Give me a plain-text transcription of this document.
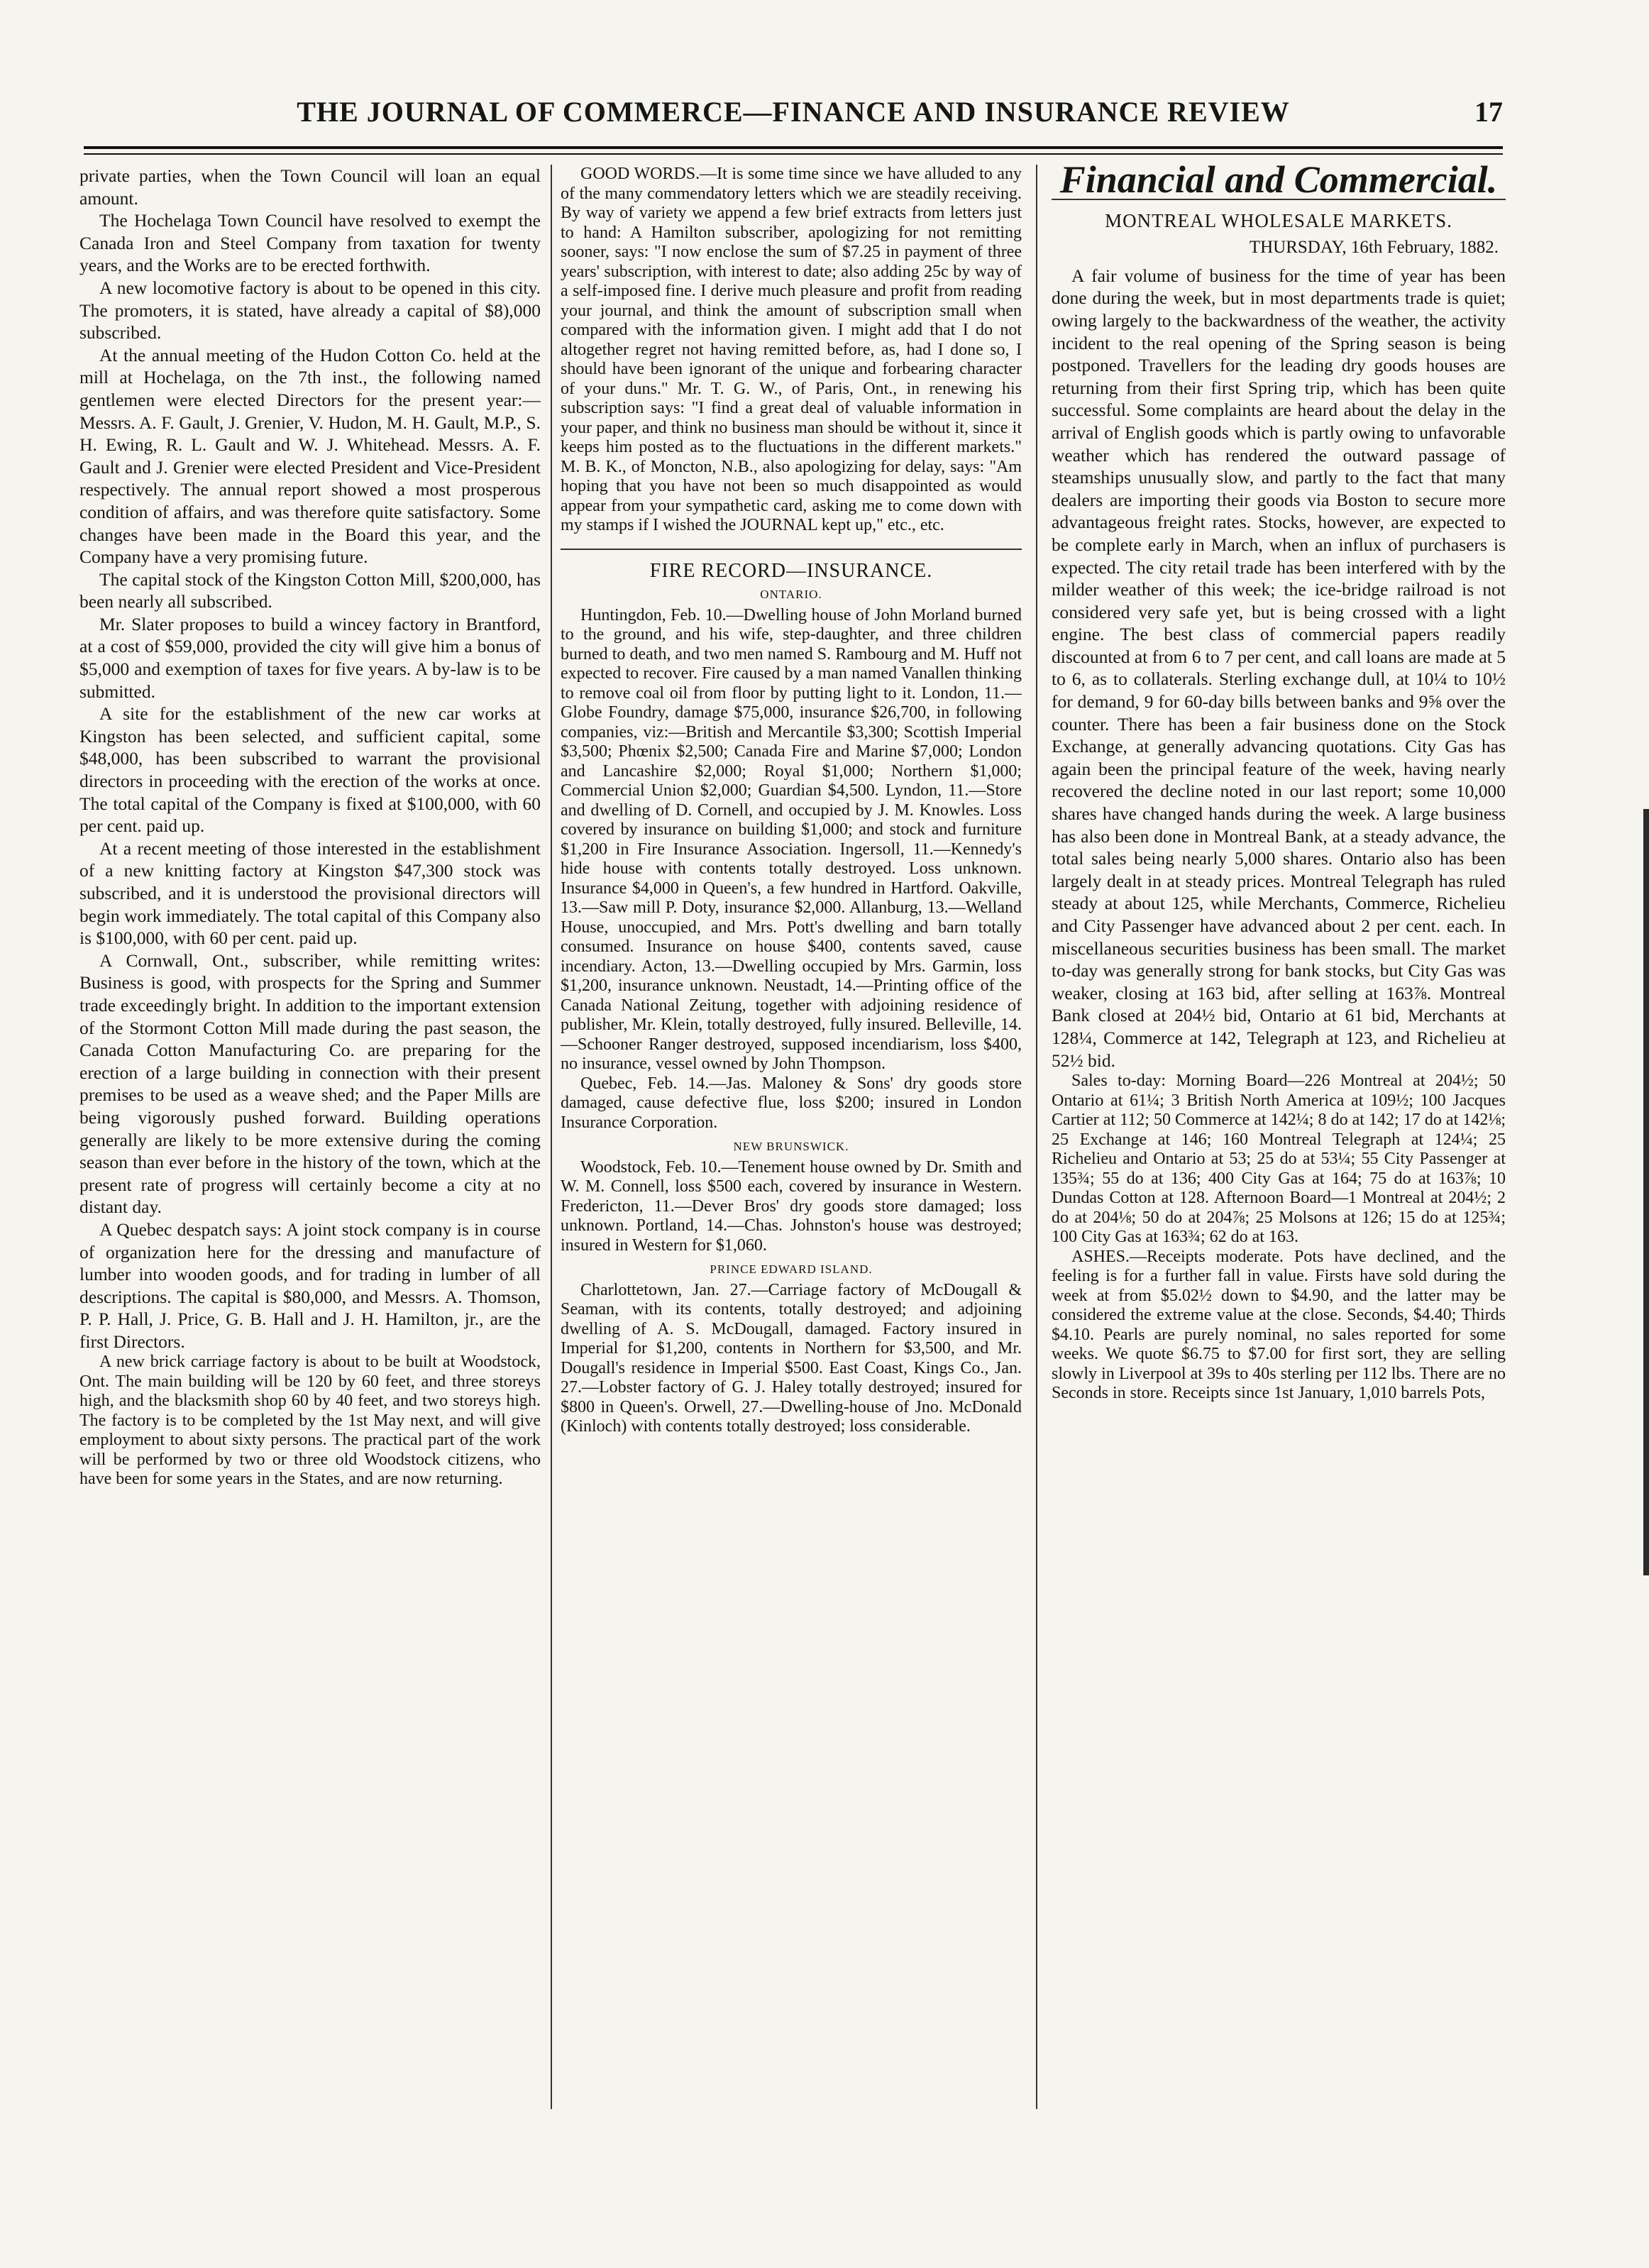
THE JOURNAL OF COMMERCE—FINANCE AND INSURANCE REVIEW	17

private parties, when the Town Council will loan an equal amount.

The Hochelaga Town Council have resolved to exempt the Canada Iron and Steel Company from taxation for twenty years, and the Works are to be erected forthwith.

A new locomotive factory is about to be opened in this city. The promoters, it is stated, have already a capital of $8),000 subscribed.

At the annual meeting of the Hudon Cotton Co. held at the mill at Hochelaga, on the 7th inst., the following named gentlemen were elected Directors for the present year:—Messrs. A. F. Gault, J. Grenier, V. Hudon, M. H. Gault, M.P., S. H. Ewing, R. L. Gault and W. J. Whitehead. Messrs. A. F. Gault and J. Grenier were elected President and Vice-President respectively. The annual report showed a most prosperous condition of affairs, and was therefore quite satisfactory. Some changes have been made in the Board this year, and the Company have a very promising future.

The capital stock of the Kingston Cotton Mill, $200,000, has been nearly all subscribed.

Mr. Slater proposes to build a wincey factory in Brantford, at a cost of $59,000, provided the city will give him a bonus of $5,000 and exemption of taxes for five years. A by-law is to be submitted.

A site for the establishment of the new car works at Kingston has been selected, and sufficient capital, some $48,000, has been subscribed to warrant the provisional directors in proceeding with the erection of the works at once. The total capital of the Company is fixed at $100,000, with 60 per cent. paid up.

At a recent meeting of those interested in the establishment of a new knitting factory at Kingston $47,300 stock was subscribed, and it is understood the provisional directors will begin work immediately. The total capital of this Company also is $100,000, with 60 per cent. paid up.

A Cornwall, Ont., subscriber, while remitting writes: Business is good, with prospects for the Spring and Summer trade exceedingly bright. In addition to the important extension of the Stormont Cotton Mill made during the past season, the Canada Cotton Manufacturing Co. are preparing for the erection of a large building in connection with their present premises to be used as a weave shed; and the Paper Mills are being vigorously pushed forward. Building operations generally are likely to be more extensive during the coming season than ever before in the history of the town, which at the present rate of progress will certainly become a city at no distant day.

A Quebec despatch says: A joint stock company is in course of organization here for the dressing and manufacture of lumber into wooden goods, and for trading in lumber of all descriptions. The capital is $80,000, and Messrs. A. Thomson, P. P. Hall, J. Price, G. B. Hall and J. H. Hamilton, jr., are the first Directors.

A new brick carriage factory is about to be built at Woodstock, Ont. The main building will be 120 by 60 feet, and three storeys high, and the blacksmith shop 60 by 40 feet, and two storeys high. The factory is to be completed by the 1st May next, and will give employment to about sixty persons. The practical part of the work will be performed by two or three old Woodstock citizens, who have been for some years in the States, and are now returning.

GOOD WORDS.—It is some time since we have alluded to any of the many commendatory letters which we are steadily receiving. By way of variety we append a few brief extracts from letters just to hand: A Hamilton subscriber, apologizing for not remitting sooner, says: "I now enclose the sum of $7.25 in payment of three years' subscription, with interest to date; also adding 25c by way of a self-imposed fine. I derive much pleasure and profit from reading your journal, and think the amount of subscription small when compared with the information given. I might add that I do not altogether regret not having remitted before, as, had I done so, I should have been ignorant of the unique and forbearing character of your duns." Mr. T. G. W., of Paris, Ont., in renewing his subscription says: "I find a great deal of valuable information in your paper, and think no business man should be without it, since it keeps him posted as to the fluctuations in the different markets." M. B. K., of Moncton, N.B., also apologizing for delay, says: "Am hoping that you have not been so much disappointed as would appear from your sympathetic card, asking me to come down with my stamps if I wished the JOURNAL kept up," etc., etc.

FIRE RECORD—INSURANCE.
ONTARIO.

Huntingdon, Feb. 10.—Dwelling house of John Morland burned to the ground, and his wife, step-daughter, and three children burned to death, and two men named S. Rambourg and M. Huff not expected to recover. Fire caused by a man named Vanallen thinking to remove coal oil from floor by putting light to it. London, 11.—Globe Foundry, damage $75,000, insurance $26,700, in following companies, viz:—British and Mercantile $3,300; Scottish Imperial $3,500; Phœnix $2,500; Canada Fire and Marine $7,000; London and Lancashire $2,000; Royal $1,000; Northern $1,000; Commercial Union $2,000; Guardian $4,500. Lyndon, 11.—Store and dwelling of D. Cornell, and occupied by J. M. Knowles. Loss covered by insurance on building $1,000; and stock and furniture $1,200 in Fire Insurance Association. Ingersoll, 11.—Kennedy's hide house with contents totally destroyed. Loss unknown. Insurance $4,000 in Queen's, a few hundred in Hartford. Oakville, 13.—Saw mill P. Doty, insurance $2,000. Allanburg, 13.—Welland House, unoccupied, and Mrs. Pott's dwelling and barn totally consumed. Insurance on house $400, contents saved, cause incendiary. Acton, 13.—Dwelling occupied by Mrs. Garmin, loss $1,200, insurance unknown. Neustadt, 14.—Printing office of the Canada National Zeitung, together with adjoining residence of publisher, Mr. Klein, totally destroyed, fully insured. Belleville, 14.—Schooner Ranger destroyed, supposed incendiarism, loss $400, no insurance, vessel owned by John Thompson.

Quebec, Feb. 14.—Jas. Maloney & Sons' dry goods store damaged, cause defective flue, loss $200; insured in London Insurance Corporation.

NEW BRUNSWICK.

Woodstock, Feb. 10.—Tenement house owned by Dr. Smith and W. M. Connell, loss $500 each, covered by insurance in Western. Fredericton, 11.—Dever Bros' dry goods store damaged; loss unknown. Portland, 14.—Chas. Johnston's house was destroyed; insured in Western for $1,060.

PRINCE EDWARD ISLAND.

Charlottetown, Jan. 27.—Carriage factory of McDougall & Seaman, with its contents, totally destroyed; and adjoining dwelling of A. S. McDougall, damaged. Factory insured in Imperial for $1,200, contents in Northern for $3,500, and Mr. Dougall's residence in Imperial $500. East Coast, Kings Co., Jan. 27.—Lobster factory of G. J. Haley totally destroyed; insured for $800 in Queen's. Orwell, 27.—Dwelling-house of Jno. McDonald (Kinloch) with contents totally destroyed; loss considerable.

Financial and Commercial.
MONTREAL WHOLESALE MARKETS.
THURSDAY, 16th February, 1882.

A fair volume of business for the time of year has been done during the week, but in most departments trade is quiet; owing largely to the backwardness of the weather, the activity incident to the real opening of the Spring season is being postponed. Travellers for the leading dry goods houses are returning from their first Spring trip, which has been quite successful. Some complaints are heard about the delay in the arrival of English goods which is partly owing to unfavorable weather which has rendered the outward passage of steamships unusually slow, and partly to the fact that many dealers are importing their goods via Boston to secure more advantageous freight rates. Stocks, however, are expected to be complete early in March, when an influx of purchasers is expected. The city retail trade has been interfered with by the milder weather of this week; the ice-bridge railroad is not considered very safe yet, but is being crossed with a light engine. The best class of commercial papers readily discounted at from 6 to 7 per cent, and call loans are made at 5 to 6, as to collaterals. Sterling exchange dull, at 10¼ to 10½ for demand, 9 for 60-day bills between banks and 9⅝ over the counter. There has been a fair business done on the Stock Exchange, at generally advancing quotations. City Gas has again been the principal feature of the week, having nearly recovered the decline noted in our last report; some 10,000 shares have changed hands during the week. A large business has also been done in Montreal Bank, at a steady advance, the total sales being nearly 5,000 shares. Ontario also has been largely dealt in at steady prices. Montreal Telegraph has ruled steady at about 125, while Merchants, Commerce, Richelieu and City Passenger have advanced about 2 per cent. each. In miscellaneous securities business has been small. The market to-day was generally strong for bank stocks, but City Gas was weaker, closing at 163 bid, after selling at 163⅞. Montreal Bank closed at 204½ bid, Ontario at 61 bid, Merchants at 128¼, Commerce at 142, Telegraph at 123, and Richelieu at 52½ bid.

Sales to-day: Morning Board—226 Montreal at 204½; 50 Ontario at 61¼; 3 British North America at 109½; 100 Jacques Cartier at 112; 50 Commerce at 142¼; 8 do at 142; 17 do at 142⅛; 25 Exchange at 146; 160 Montreal Telegraph at 124¼; 25 Richelieu and Ontario at 53; 25 do at 53¼; 55 City Passenger at 135¾; 55 do at 136; 400 City Gas at 164; 75 do at 163⅞; 10 Dundas Cotton at 128. Afternoon Board—1 Montreal at 204½; 2 do at 204⅛; 50 do at 204⅞; 25 Molsons at 126; 15 do at 125¾; 100 City Gas at 163¾; 62 do at 163.

ASHES.—Receipts moderate. Pots have declined, and the feeling is for a further fall in value. Firsts have sold during the week at from $5.02½ down to $4.90, and the latter may be considered the extreme value at the close. Seconds, $4.40; Thirds $4.10. Pearls are purely nominal, no sales reported for some weeks. We quote $6.75 to $7.00 for first sort, they are selling slowly in Liverpool at 39s to 40s sterling per 112 lbs. There are no Seconds in store. Receipts since 1st January, 1,010 barrels Pots,
